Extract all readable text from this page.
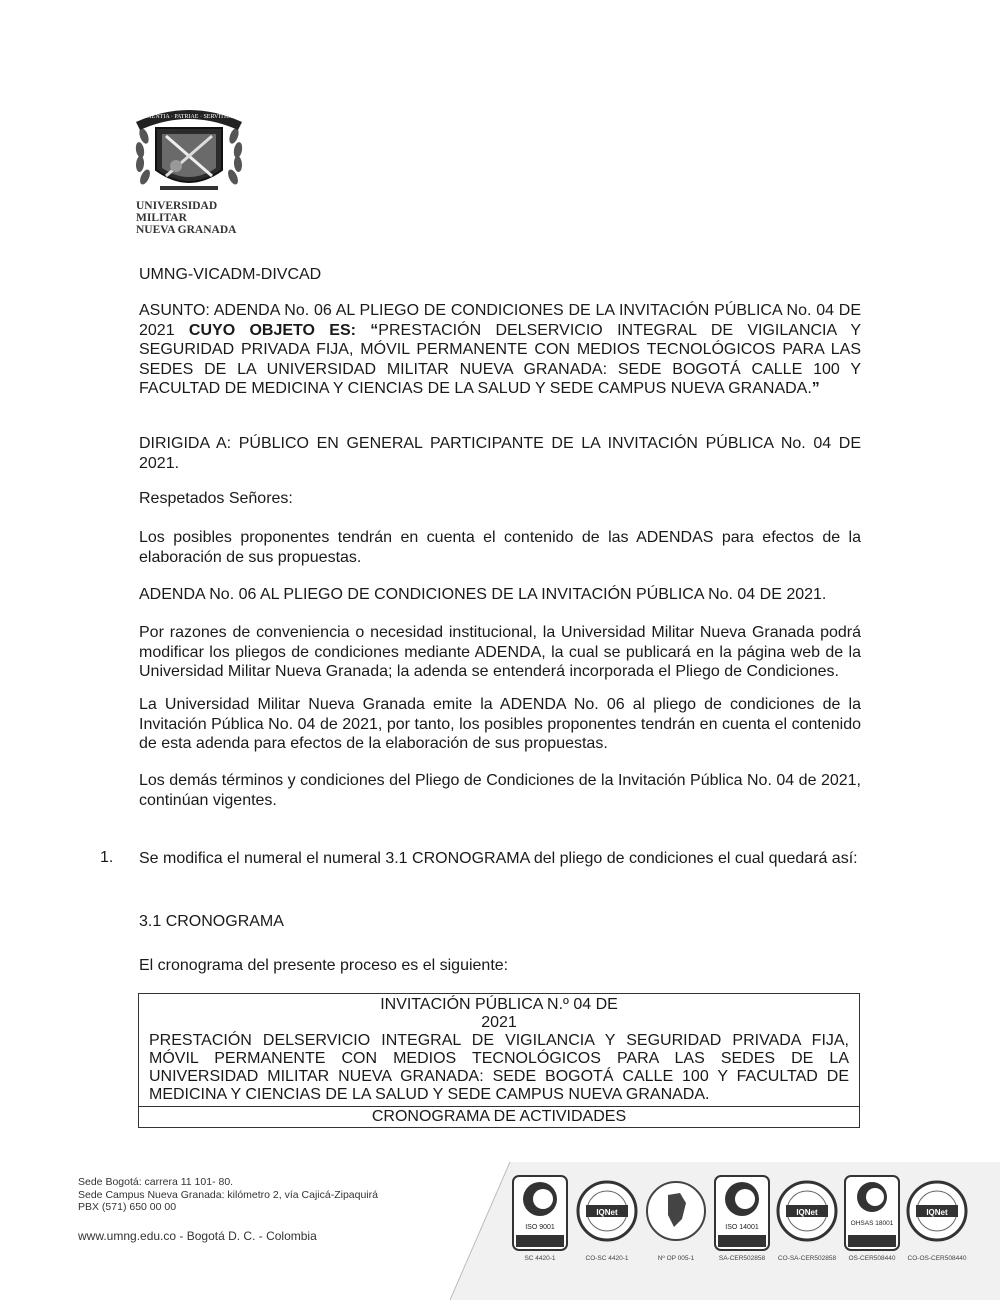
SCIENTIA · PATRIAE · SERVITIUM
UNIVERSIDAD MILITAR
NUEVA GRANADA
UMNG-VICADM-DIVCAD

ASUNTO: ADENDA No. 06 AL PLIEGO DE CONDICIONES DE LA INVITACIÓN PÚBLICA No. 04 DE 2021 CUYO OBJETO ES: “PRESTACIÓN DELSERVICIO INTEGRAL DE VIGILANCIA Y SEGURIDAD PRIVADA FIJA, MÓVIL PERMANENTE CON MEDIOS TECNOLÓGICOS PARA LAS SEDES DE LA UNIVERSIDAD MILITAR NUEVA GRANADA: SEDE BOGOTÁ CALLE 100 Y FACULTAD DE MEDICINA Y CIENCIAS DE LA SALUD Y SEDE CAMPUS NUEVA GRANADA.”

DIRIGIDA A: PÚBLICO EN GENERAL PARTICIPANTE DE LA INVITACIÓN PÚBLICA No. 04 DE 2021.

Respetados Señores:

Los posibles proponentes tendrán en cuenta el contenido de las ADENDAS para efectos de la elaboración de sus propuestas.

ADENDA No. 06 AL PLIEGO DE CONDICIONES DE LA INVITACIÓN PÚBLICA No. 04 DE 2021.

Por razones de conveniencia o necesidad institucional, la Universidad Militar Nueva Granada podrá modificar los pliegos de condiciones mediante ADENDA, la cual se publicará en la página web de la Universidad Militar Nueva Granada; la adenda se entenderá incorporada el Pliego de Condiciones.

La Universidad Militar Nueva Granada emite la ADENDA No. 06 al pliego de condiciones de la Invitación Pública No. 04 de 2021, por tanto, los posibles proponentes tendrán en cuenta el contenido de esta adenda para efectos de la elaboración de sus propuestas.

Los demás términos y condiciones del Pliego de Condiciones de la Invitación Pública No. 04 de 2021, continúan vigentes.

1. Se modifica el numeral el numeral 3.1 CRONOGRAMA del pliego de condiciones el cual quedará así:

3.1 CRONOGRAMA
El cronograma del presente proceso es el siguiente:
INVITACIÓN PÚBLICA N.º 04 DE
2021

PRESTACIÓN DELSERVICIO INTEGRAL DE VIGILANCIA Y SEGURIDAD PRIVADA FIJA, MÓVIL PERMANENTE CON MEDIOS TECNOLÓGICOS PARA LAS SEDES DE LA UNIVERSIDAD MILITAR NUEVA GRANADA: SEDE BOGOTÁ CALLE 100 Y FACULTAD DE MEDICINA Y CIENCIAS DE LA SALUD Y SEDE CAMPUS NUEVA GRANADA.

CRONOGRAMA DE ACTIVIDADES
Sede Bogotá: carrera 11 101- 80.
Sede Campus Nueva Granada: kilómetro 2, vía Cajicá-Zipaquirá
PBX (571) 650 00 00
www.umng.edu.co - Bogotá D. C. - Colombia
ISO 9001
IQNet
ISO 14001
IQNet
OHSAS 18001
IQNet
SC 4420-1	CO-SC 4420-1	Nº OP 005-1	SA-CER502858	CO-SA-CER502858	OS-CER508440	CO-OS-CER508440
